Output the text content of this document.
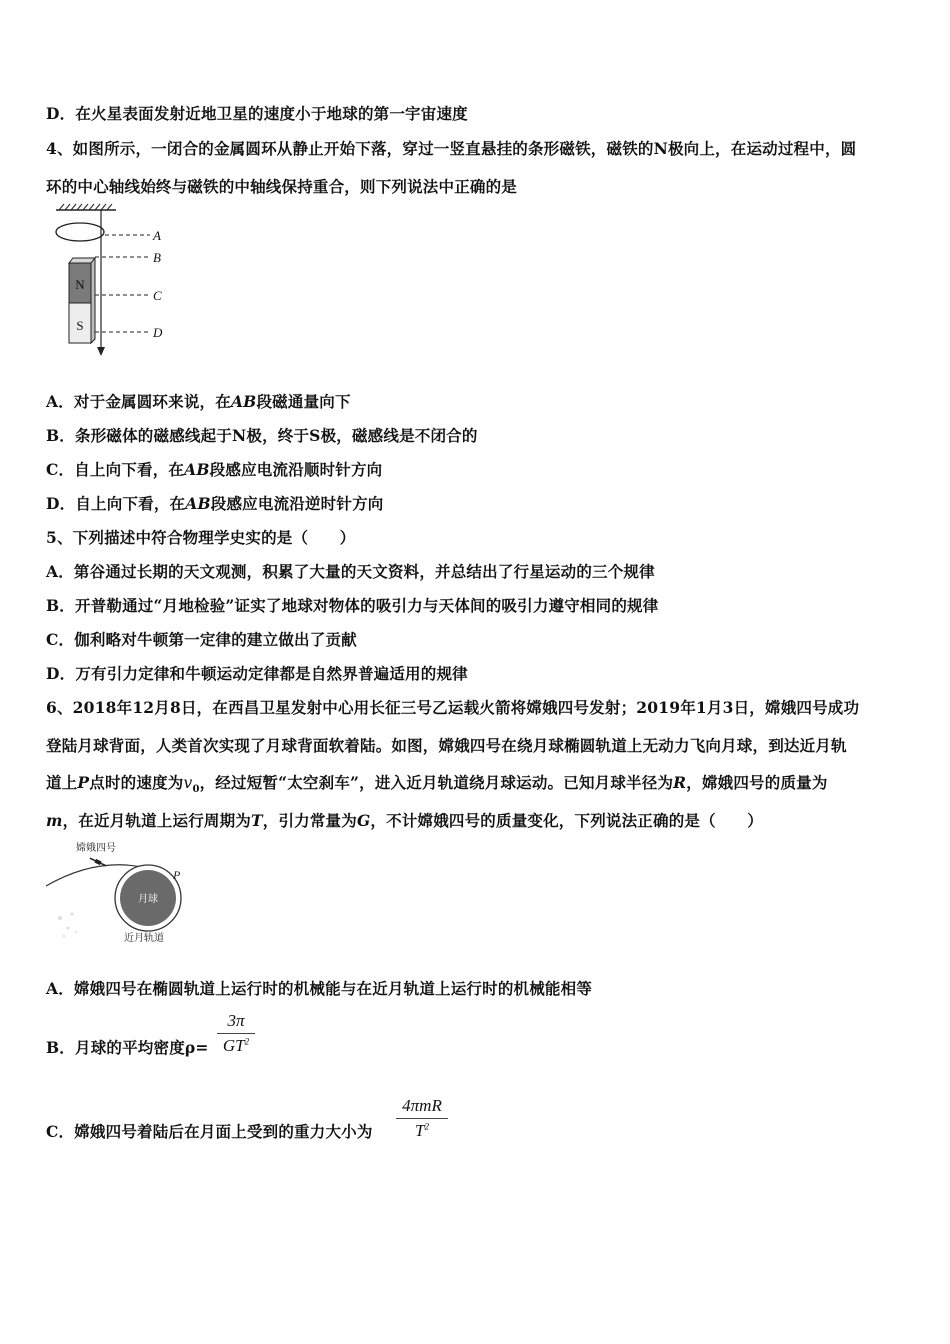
D．在火星表面发射近地卫星的速度小于地球的第一宇宙速度
4、如图所示，一闭合的金属圆环从静止开始下落，穿过一竖直悬挂的条形磁铁，磁铁的N极向上，在运动过程中，圆
环的中心轴线始终与磁铁的中轴线保持重合，则下列说法中正确的是
N
S
A
B
C
D
A．对于金属圆环来说，在AB段磁通量向下
B．条形磁体的磁感线起于N极，终于S极，磁感线是不闭合的
C．自上向下看，在AB段感应电流沿顺时针方向
D．自上向下看，在AB段感应电流沿逆时针方向
5、下列描述中符合物理学史实的是（　　）
A．第谷通过长期的天文观测，积累了大量的天文资料，并总结出了行星运动的三个规律
B．开普勒通过“月地检验”证实了地球对物体的吸引力与天体间的吸引力遵守相同的规律
C．伽利略对牛顿第一定律的建立做出了贡献
D．万有引力定律和牛顿运动定律都是自然界普遍适用的规律
6、2018年12月8日，在西昌卫星发射中心用长征三号乙运载火箭将嫦娥四号发射；2019年1月3日，嫦娥四号成功
登陆月球背面，人类首次实现了月球背面软着陆。如图，嫦娥四号在绕月球椭圆轨道上无动力飞向月球，到达近月轨
道上P点时的速度为$v_0$，经过短暂“太空刹车”，进入近月轨道绕月球运动。已知月球半径为R，嫦娥四号的质量为
m，在近月轨道上运行周期为T，引力常量为G，不计嫦娥四号的质量变化，下列说法正确的是（　　）
嫦娥四号
月球
P
近月轨道
A．嫦娥四号在椭圆轨道上运行时的机械能与在近月轨道上运行时的机械能相等
B．月球的平均密度ρ=
3π
$GT^2$
C．嫦娥四号着陆后在月面上受到的重力大小为
4πmR
$T^2$
